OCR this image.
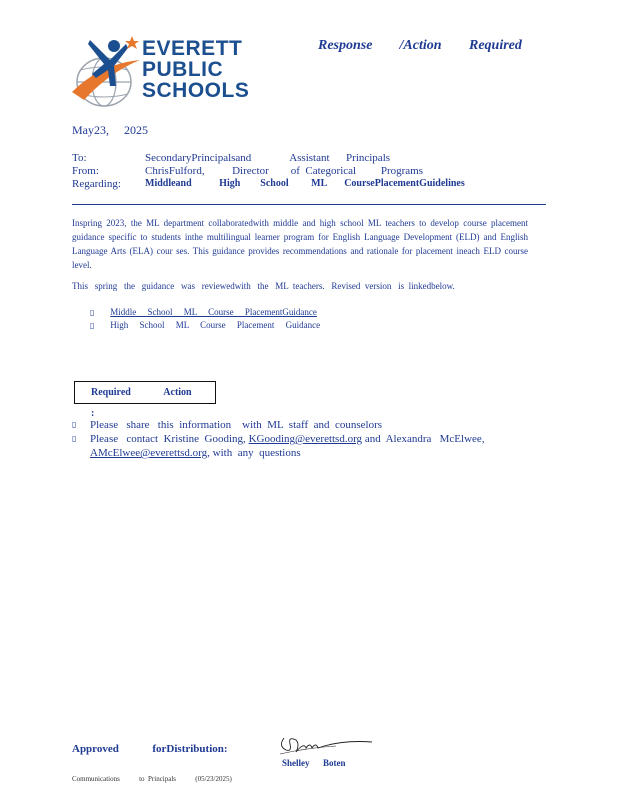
EVERETT
PUBLIC
SCHOOLS
Response /Action Required
May23,     2025
To:	SecondaryPrincipalsand              Assistant      Principals
From:	ChrisFulford,          Director        of  Categorical         Programs
Regarding:	Middleand           High        School         ML       CoursePlacementGuidelines
Inspring 2023, the ML department collaboratedwith middle and high school ML teachers to develop course placement guidance specific to students inthe multilingual learner program for English Language Development (ELD) and English Language Arts (ELA) cour ses. This guidance provides recommendations and rationale for placement ineach ELD course level.
This   spring   the   guidance   was   reviewedwith   the   ML  teachers.   Revised  version   is  linkedbelow.
▯ Middle     School     ML     Course     PlacementGuidance
▯ High     School     ML     Course     Placement     Guidance
Required	Action  :
▯	Please   share   this  information    with  ML  staff  and  counselors
▯	Please   contact  Kristine  Gooding, KGooding@everettsd.org and  Alexandra   McElwee,
AMcElwee@everettsd.org, with  any  questions
Approved	forDistribution:
Shelley      Boten
Communications           to  Principals           (05/23/2025)
